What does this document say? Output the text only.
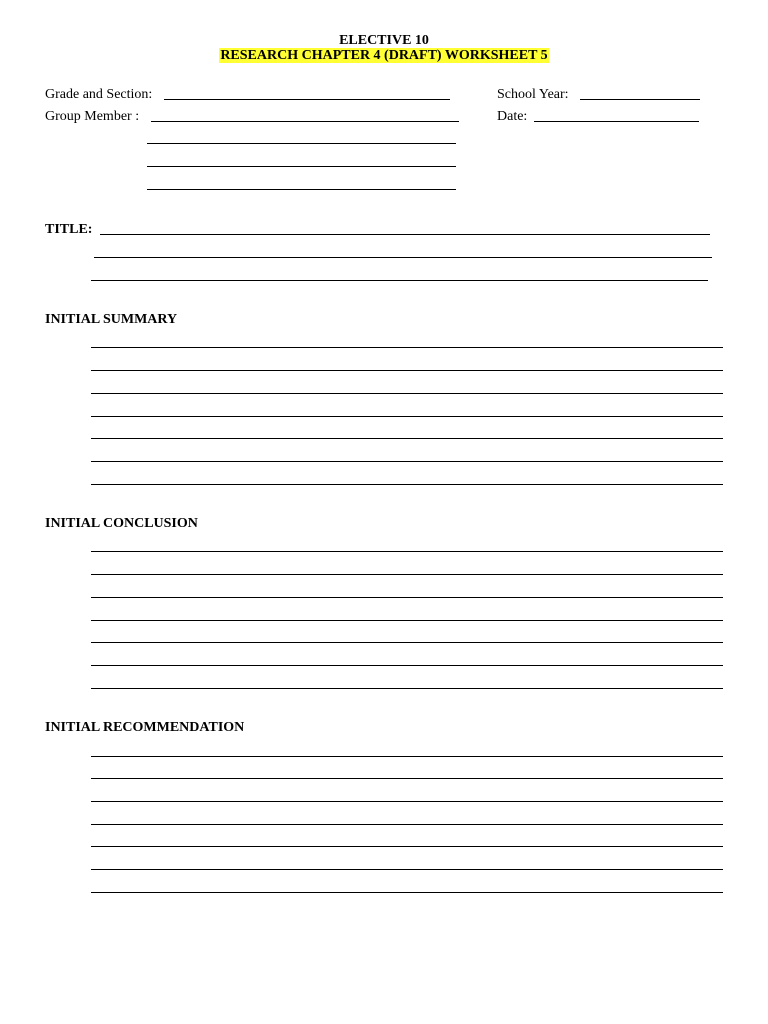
ELECTIVE 10
RESEARCH CHAPTER 4 (DRAFT) WORKSHEET 5
Grade and Section:	School Year:
Group Member :	Date:
TITLE:
INITIAL SUMMARY
INITIAL CONCLUSION
INITIAL RECOMMENDATION
